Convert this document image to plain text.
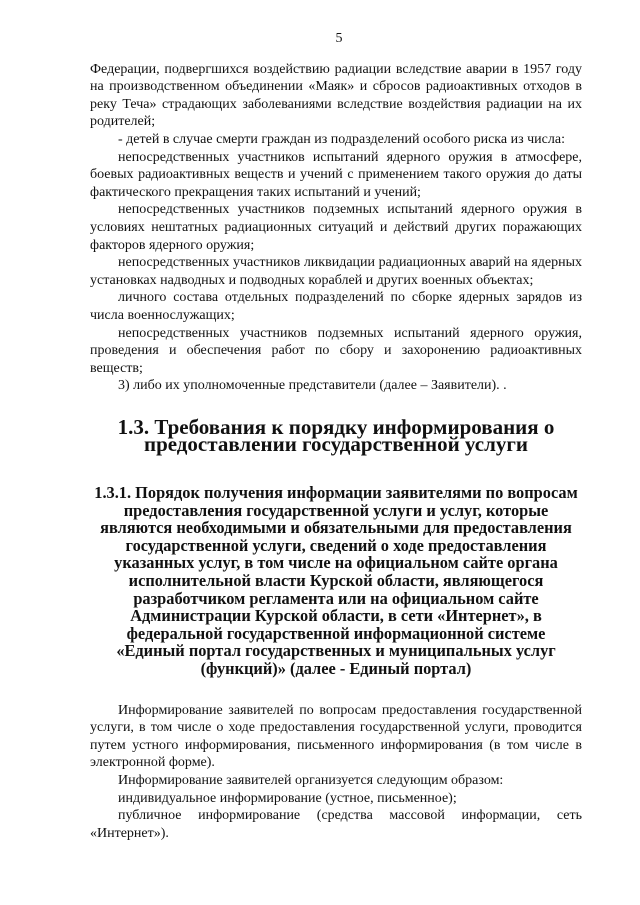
5

Федерации, подвергшихся воздействию радиации вследствие аварии в 1957 году на производственном объединении «Маяк» и сбросов радиоактивных отходов в реку Теча» страдающих заболеваниями вследствие воздействия радиации на их родителей;

- детей в случае смерти граждан из подразделений особого риска из числа:

непосредственных участников испытаний ядерного оружия в атмосфере, боевых радиоактивных веществ и учений с применением такого оружия до даты фактического прекращения таких испытаний и учений;

непосредственных участников подземных испытаний ядерного оружия в условиях нештатных радиационных ситуаций и действий других поражающих факторов ядерного оружия;

непосредственных участников ликвидации радиационных аварий на ядерных установках надводных и подводных кораблей и других военных объектах;

личного состава отдельных подразделений по сборке ядерных зарядов из числа военнослужащих;

непосредственных участников подземных испытаний ядерного оружия, проведения и обеспечения работ по сбору и захоронению радиоактивных веществ;

3) либо их уполномоченные представители (далее – Заявители). .

1.3. Требования к порядку информирования о предоставлении государственной услуги
1.3.1. Порядок получения информации заявителями по вопросам предоставления государственной услуги и услуг, которые являются необходимыми и обязательными для предоставления государственной услуги, сведений о ходе предоставления указанных услуг, в том числе на официальном сайте органа исполнительной власти Курской области, являющегося разработчиком регламента или на официальном сайте Администрации Курской области, в сети «Интернет», в федеральной государственной информационной системе «Единый портал государственных и муниципальных услуг (функций)» (далее - Единый портал)

Информирование заявителей по вопросам предоставления государственной услуги, в том числе о ходе предоставления государственной услуги, проводится путем устного информирования, письменного информирования (в том числе в электронной форме).

Информирование заявителей организуется следующим образом:

индивидуальное информирование (устное, письменное);

публичное информирование (средства массовой информации, сеть «Интернет»).
